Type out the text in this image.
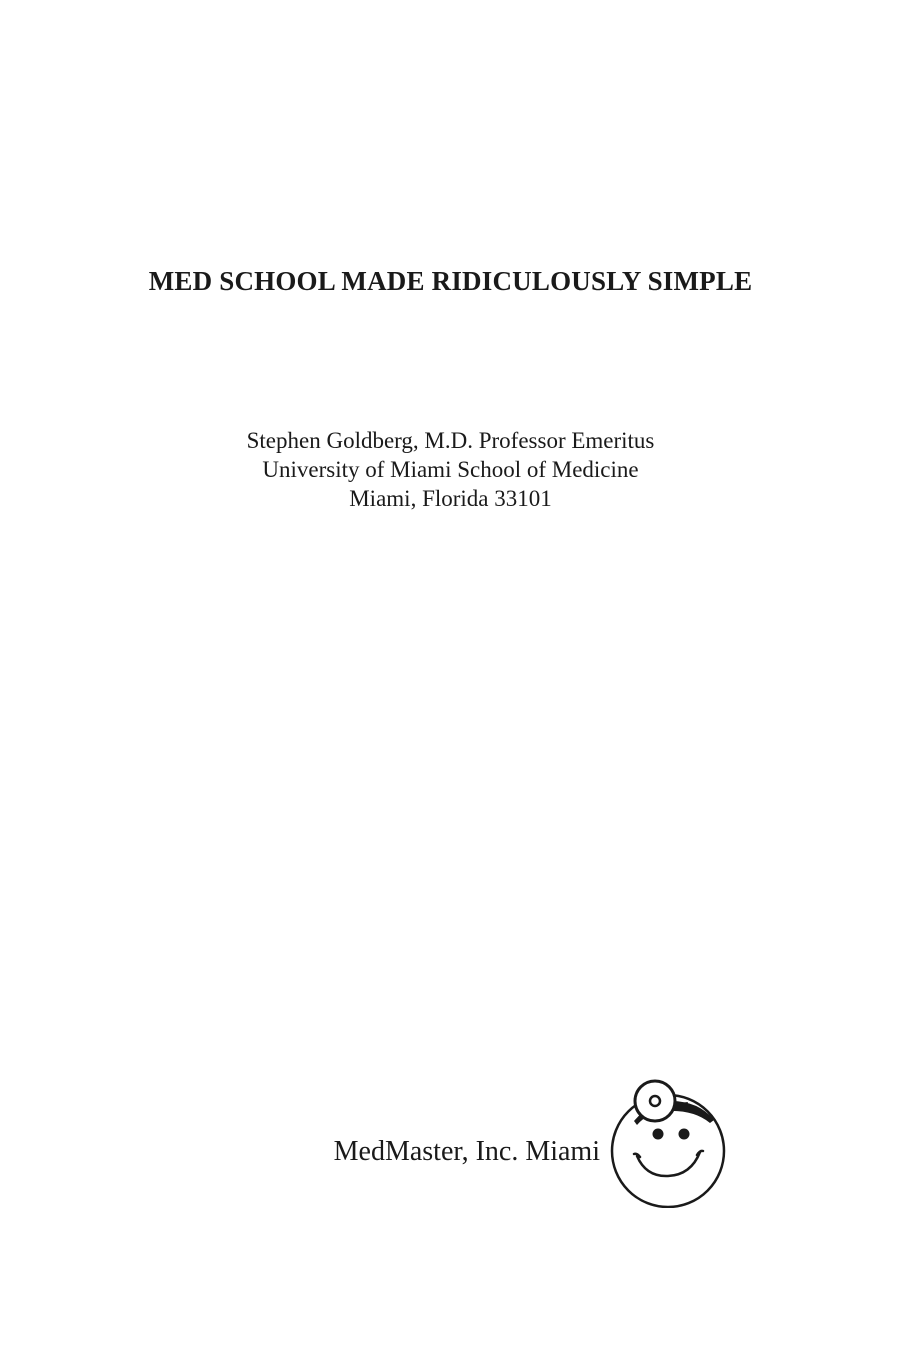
MED SCHOOL MADE RIDICULOUSLY SIMPLE
Stephen Goldberg, M.D. Professor Emeritus
University of Miami School of Medicine
Miami, Florida 33101
MedMaster, Inc. Miami
